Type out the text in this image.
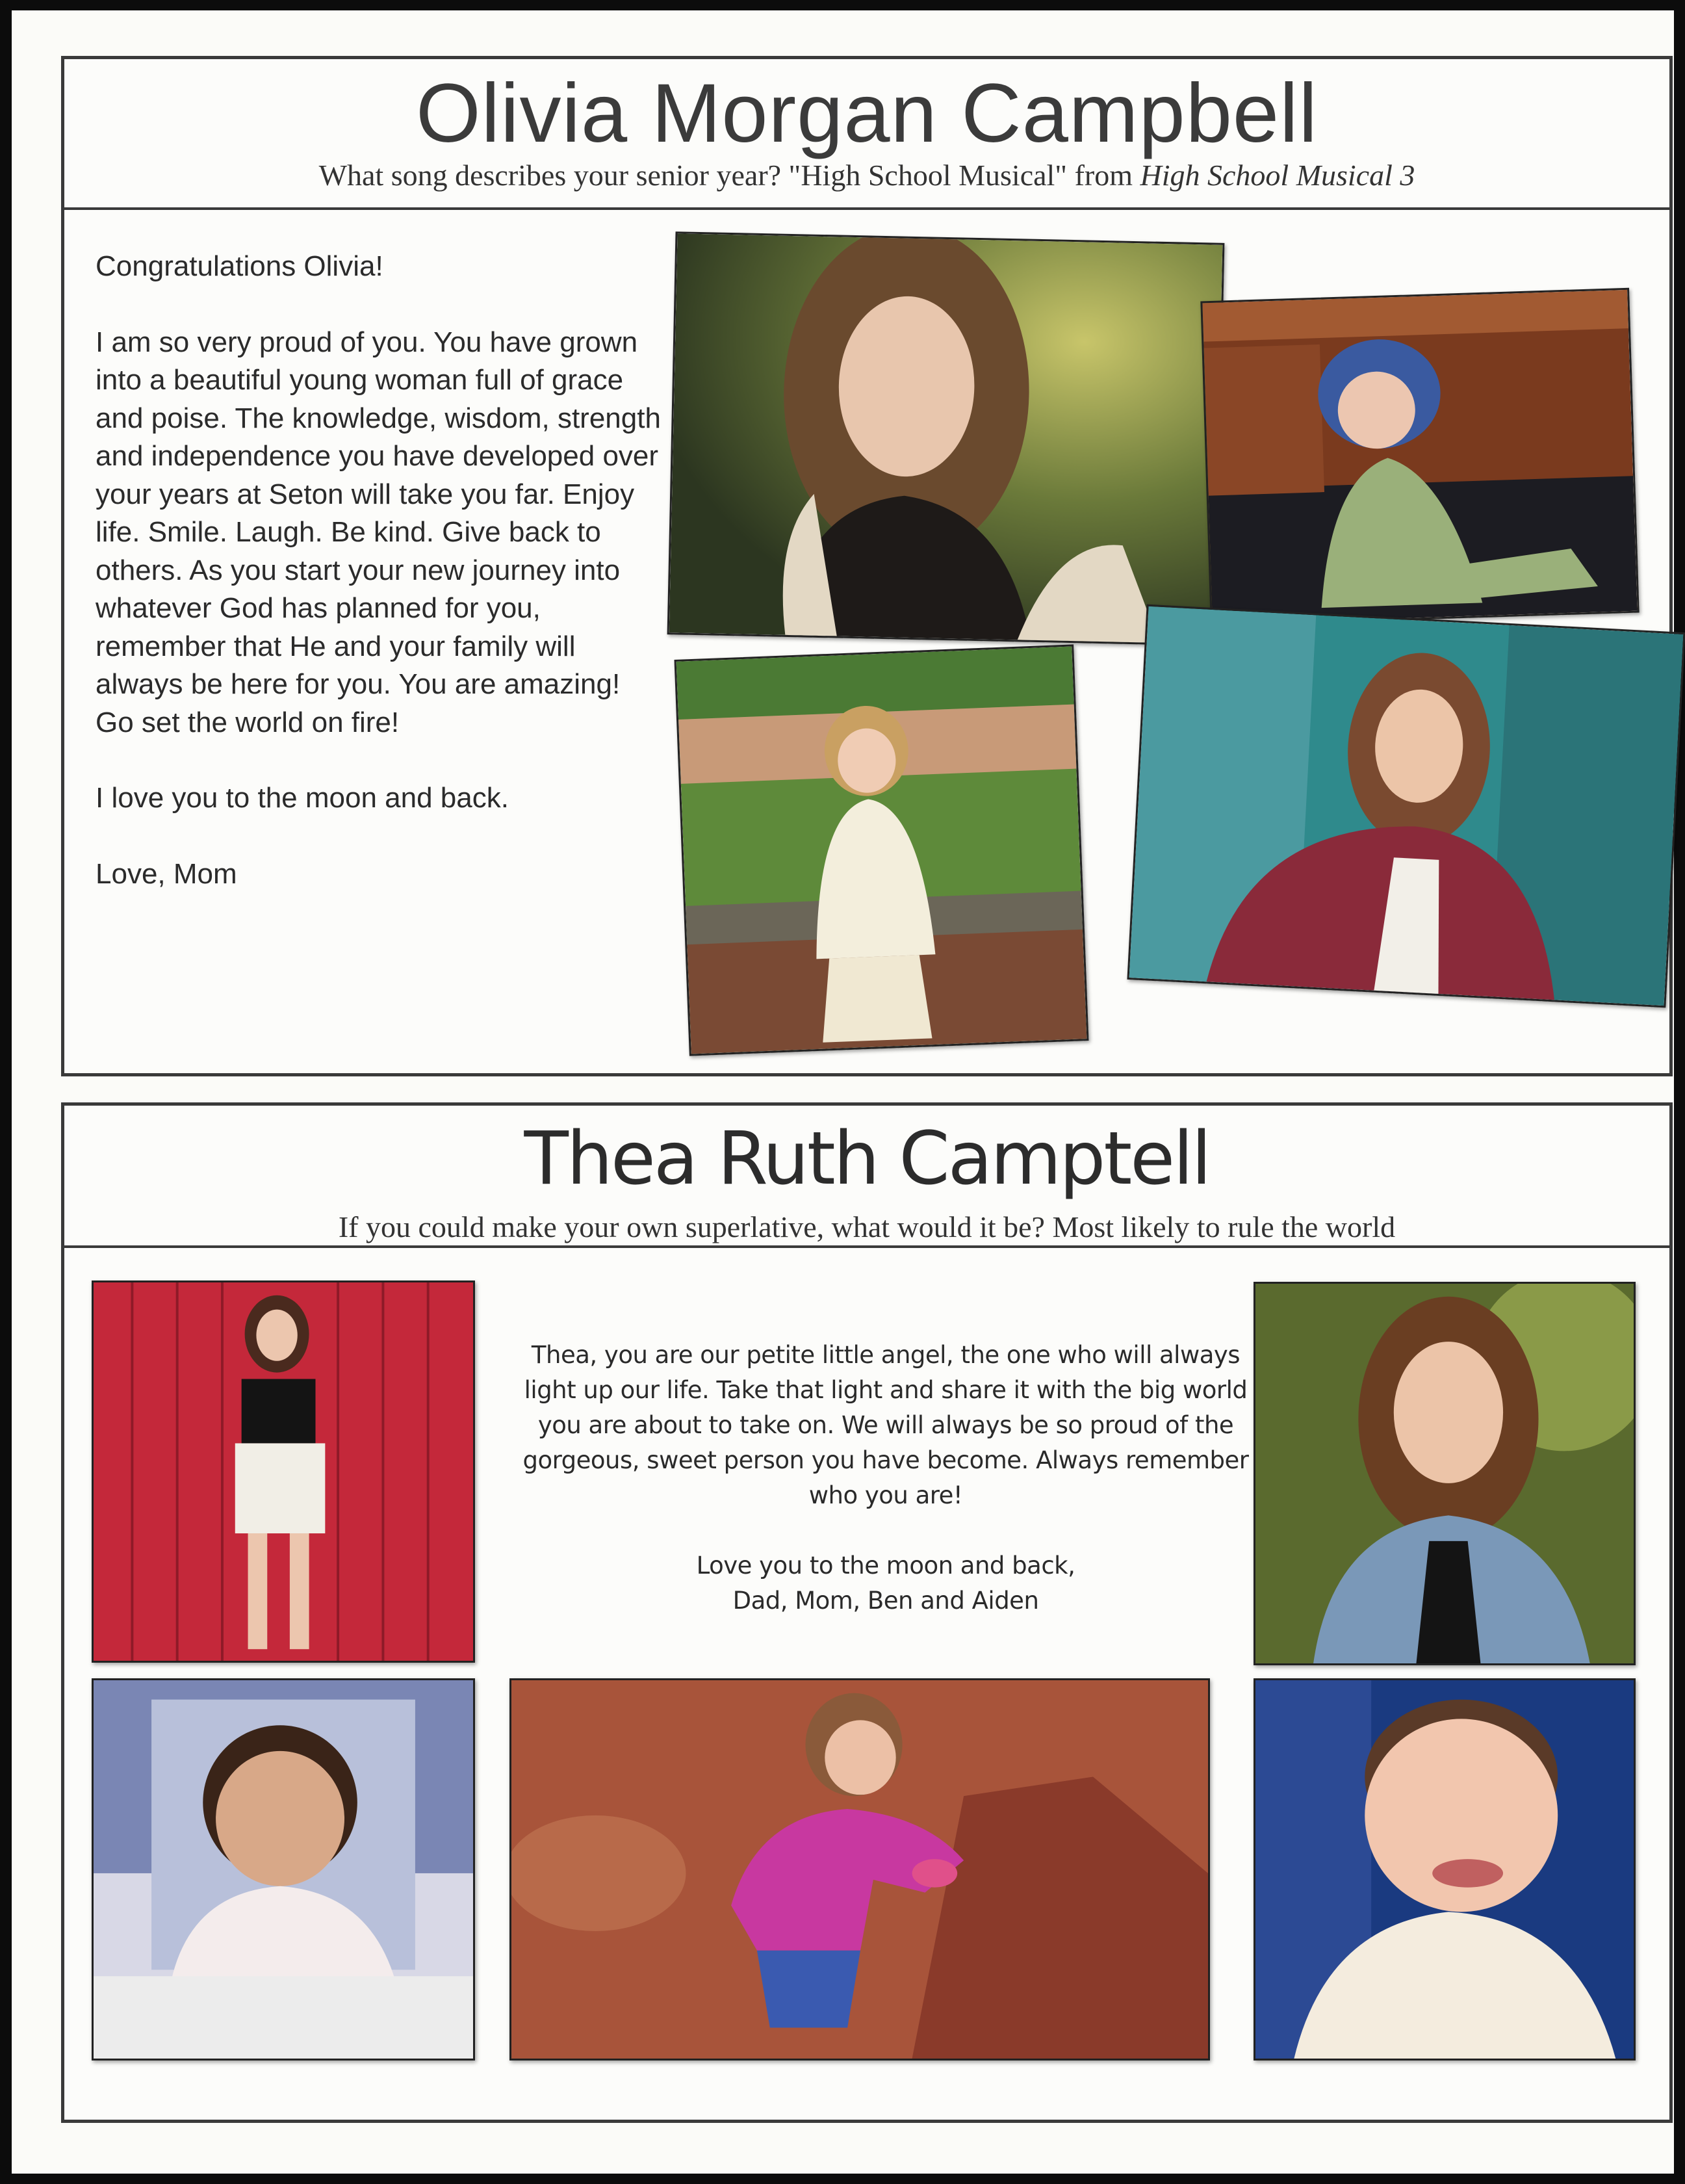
Olivia Morgan Campbell
What song describes your senior year? "High School Musical" from High School Musical 3

Congratulations Olivia!

I am so very proud of you. You have grown into a beautiful young woman full of grace and poise. The knowledge, wisdom, strength and independence you have developed over your years at Seton will take you far. Enjoy life. Smile. Laugh. Be kind. Give back to others. As you start your new journey into whatever God has planned for you, remember that He and your family will always be here for you. You are amazing! Go set the world on fire!

I love you to the moon and back.

Love, Mom

Thea Ruth Camptell
If you could make your own superlative, what would it be? Most likely to rule the world

Thea, you are our petite little angel, the one who will always light up our life. Take that light and share it with the big world you are about to take on. We will always be so proud of the gorgeous, sweet person you have become. Always remember who you are!

Love you to the moon and back,

Dad, Mom, Ben and Aiden
